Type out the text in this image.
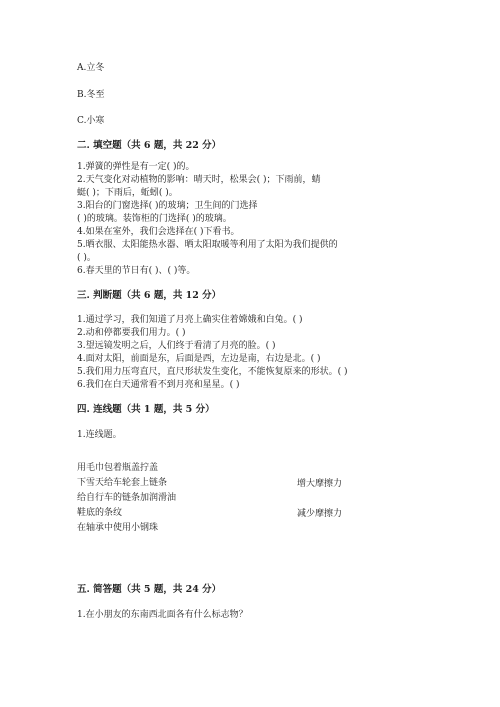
A.立冬
B.冬至
C.小寒
二. 填空题（共 6 题，共 22 分）
1.弹簧的弹性是有一定( )的。
2.天气变化对动植物的影响：晴天时，松果会( )；下雨前，蜻
蜓( )；下雨后，蚯蚓( )。
3.阳台的门窗选择( )的玻璃；卫生间的门选择
( )的玻璃。装饰柜的门选择( )的玻璃。
4.如果在室外，我们会选择在( )下看书。
5.晒衣服、太阳能热水器、晒太阳取暖等利用了太阳为我们提供的
( )。
6.春天里的节日有( )、( )等。
三. 判断题（共 6 题，共 12 分）
1.通过学习，我们知道了月亮上确实住着嫦娥和白兔。( )
2.动和停都要我们用力。( )
3.望远镜发明之后，人们终于看清了月亮的脸。( )
4.面对太阳，前面是东，后面是西，左边是南，右边是北。( )
5.我们用力压弯直尺，直尺形状发生变化，不能恢复原来的形状。( )
6.我们在白天通常看不到月亮和星星。( )
四. 连线题（共 1 题，共 5 分）
1.连线题。
用毛巾包着瓶盖拧盖
下雪天给车轮套上链条
给自行车的链条加润滑油
鞋底的条纹
在轴承中使用小钢珠
增大摩擦力
减少摩擦力
五. 简答题（共 5 题，共 24 分）
1.在小朋友的东南西北面各有什么标志物？
